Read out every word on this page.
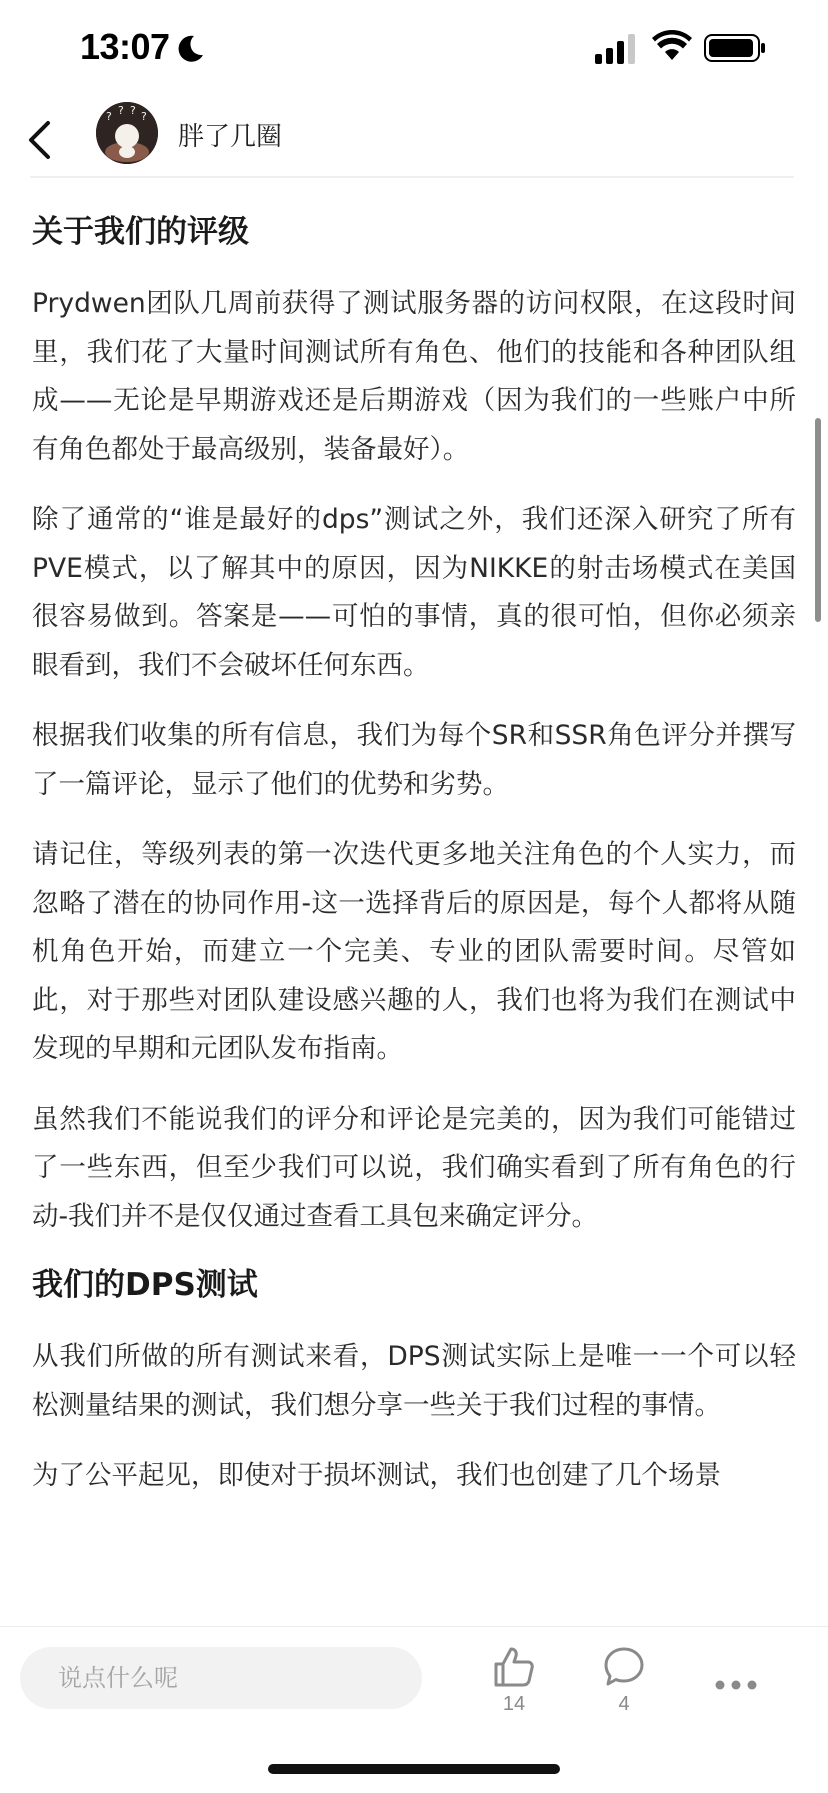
13:07
? ? ? ?
胖了几圈
关于我们的评级

Prydwen团队几周前获得了测试服务器的访问权限，在这段时间里，我们花了大量时间测试所有角色、他们的技能和各种团队组成——无论是早期游戏还是后期游戏（因为我们的一些账户中所有角色都处于最高级别，装备最好）。

除了通常的“谁是最好的dps”测试之外，我们还深入研究了所有PVE模式，以了解其中的原因，因为NIKKE的射击场模式在美国很容易做到。答案是——可怕的事情，真的很可怕，但你必须亲眼看到，我们不会破坏任何东西。

根据我们收集的所有信息，我们为每个SR和SSR角色评分并撰写了一篇评论，显示了他们的优势和劣势。

请记住，等级列表的第一次迭代更多地关注角色的个人实力，而忽略了潜在的协同作用-这一选择背后的原因是，每个人都将从随机角色开始，而建立一个完美、专业的团队需要时间。尽管如此，对于那些对团队建设感兴趣的人，我们也将为我们在测试中发现的早期和元团队发布指南。

虽然我们不能说我们的评分和评论是完美的，因为我们可能错过了一些东西，但至少我们可以说，我们确实看到了所有角色的行动-我们并不是仅仅通过查看工具包来确定评分。

我们的DPS测试

从我们所做的所有测试来看，DPS测试实际上是唯一一个可以轻松测量结果的测试，我们想分享一些关于我们过程的事情。

为了公平起见，即使对于损坏测试，我们也创建了几个场景

说点什么呢
14	4
